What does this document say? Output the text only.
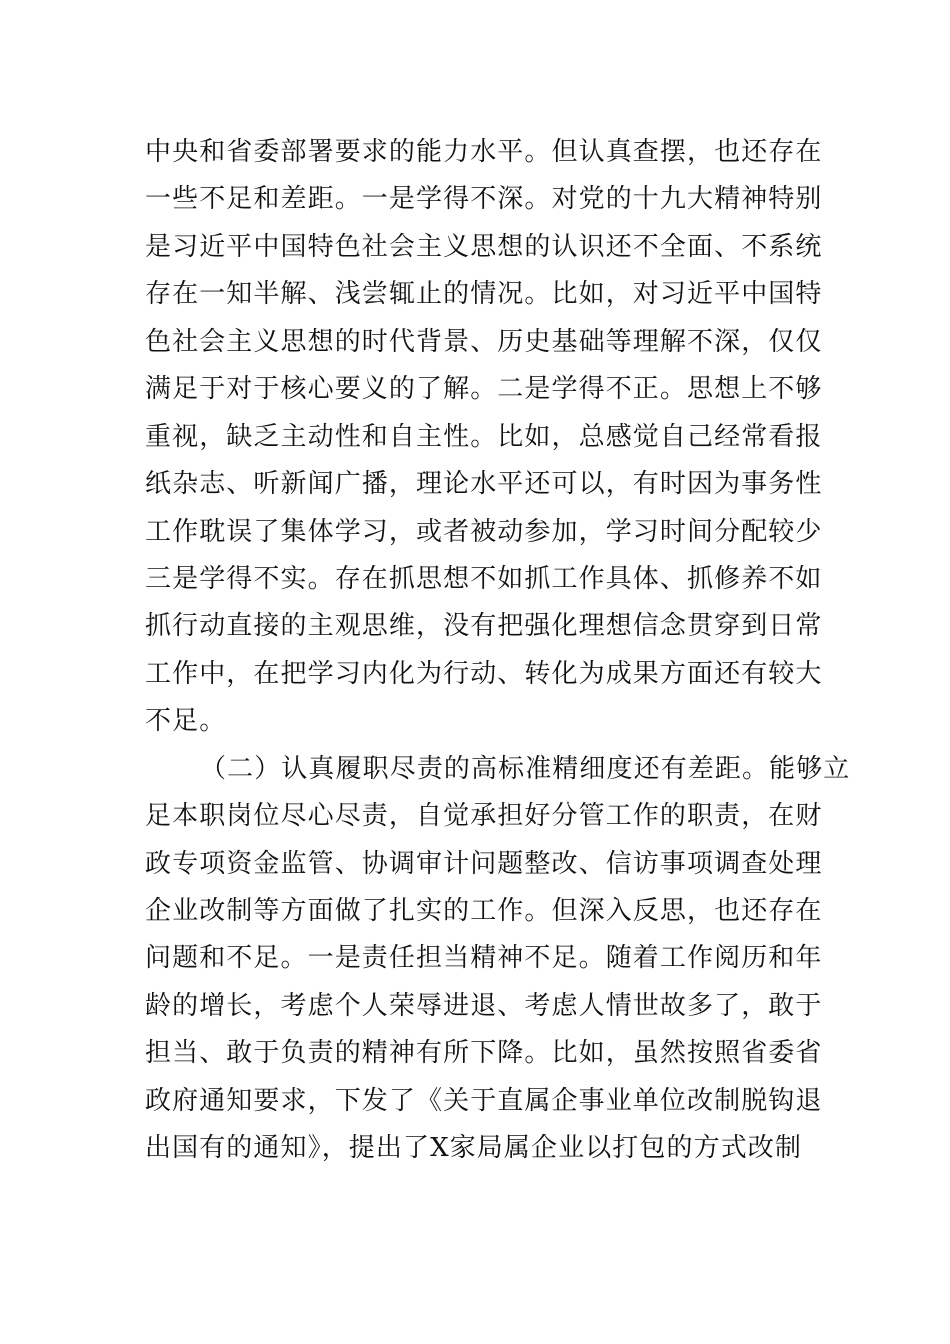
中央和省委部署要求的能力水平。但认真查摆，也还存在
一些不足和差距。一是学得不深。对党的十九大精神特别
是习近平中国特色社会主义思想的认识还不全面、不系统
存在一知半解、浅尝辄止的情况。比如，对习近平中国特
色社会主义思想的时代背景、历史基础等理解不深，仅仅
满足于对于核心要义的了解。二是学得不正。思想上不够
重视，缺乏主动性和自主性。比如，总感觉自己经常看报
纸杂志、听新闻广播，理论水平还可以，有时因为事务性
工作耽误了集体学习，或者被动参加，学习时间分配较少
三是学得不实。存在抓思想不如抓工作具体、抓修养不如
抓行动直接的主观思维，没有把强化理想信念贯穿到日常
工作中，在把学习内化为行动、转化为成果方面还有较大
不足。
（二）认真履职尽责的高标准精细度还有差距。能够立
足本职岗位尽心尽责，自觉承担好分管工作的职责，在财
政专项资金监管、协调审计问题整改、信访事项调查处理
企业改制等方面做了扎实的工作。但深入反思，也还存在
问题和不足。一是责任担当精神不足。随着工作阅历和年
龄的增长，考虑个人荣辱进退、考虑人情世故多了，敢于
担当、敢于负责的精神有所下降。比如，虽然按照省委省
政府通知要求，下发了《关于直属企事业单位改制脱钩退
出国有的通知》，提出了X家局属企业以打包的方式改制
